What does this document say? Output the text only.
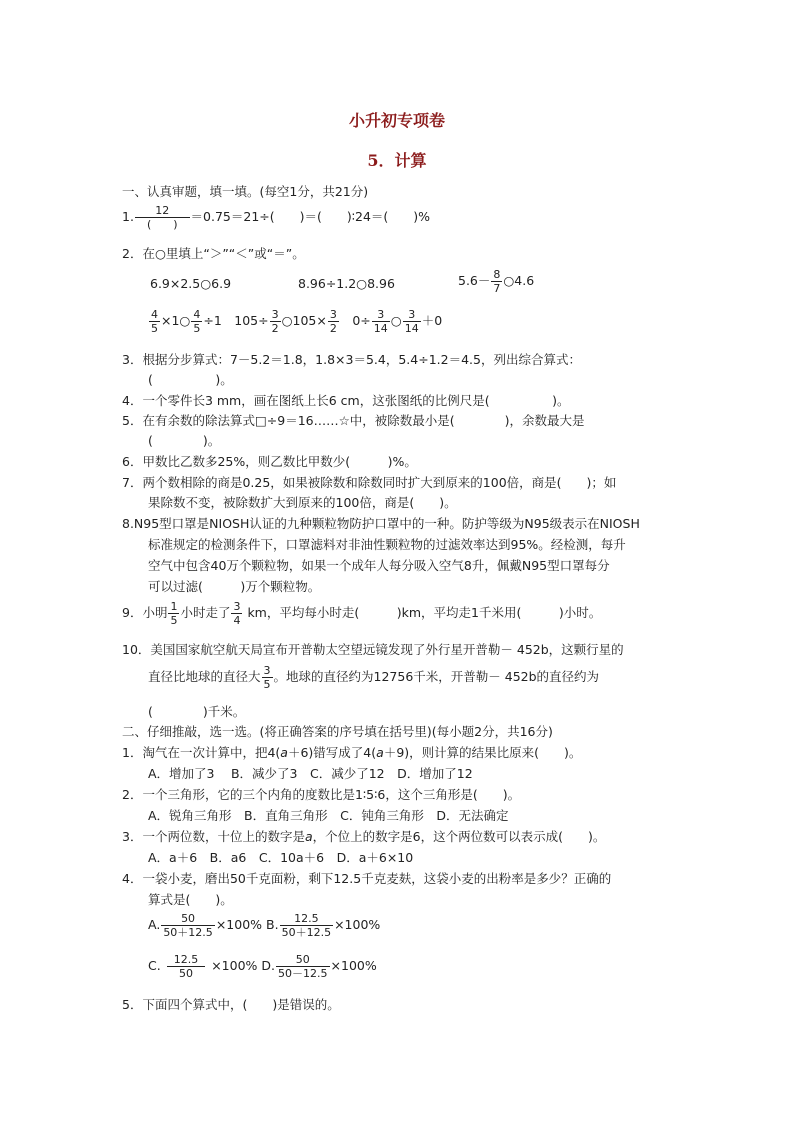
小升初专项卷
5．计算
一、认真审题，填一填。(每空1分，共21分)
1. $\frac{12}{( )} =0.75=21\div$(　　)＝(　　)∶24＝(　　)%
2．在○里填上“＞”“＜”或“＝”。
6.9×2.5○6.9	8.96÷1.2○8.96	$5.6- \frac{8}{7}$ ○4.6
$\frac{4}{5}$ ×1○ $\frac{4}{5} \div 1$　$105\div \frac{3}{2}$ ○105× $\frac{3}{2}$ 　$0\div \frac{3}{14}$ ○ $\frac{3}{14} +0$
3．根据分步算式：7－5.2＝1.8，1.8×3＝5.4，5.4÷1.2＝4.5，列出综合算式：
(　　　　　)。
4．一个零件长3 mm，画在图纸上长6 cm，这张图纸的比例尺是(　　　　　)。
5．在有余数的除法算式□÷9＝16……☆中，被除数最小是(　　　　)，余数最大是
(　　　　)。
6．甲数比乙数多25%，则乙数比甲数少(　　　)%。
7．两个数相除的商是0.25，如果被除数和除数同时扩大到原来的100倍，商是(　　)；如
果除数不变，被除数扩大到原来的100倍，商是(　　)。
8.N95型口罩是NIOSH认证的九种颗粒物防护口罩中的一种。防护等级为N95级表示在NIOSH
标准规定的检测条件下，口罩滤料对非油性颗粒物的过滤效率达到95%。经检测，每升
空气中包含40万个颗粒物，如果一个成年人每分吸入空气8升，佩戴N95型口罩每分
可以过滤(　　　)万个颗粒物。
9．小明 $\frac{1}{5}$ 小时走了 $\frac{3}{4}$ km，平均每小时走(　　　)km，平均走1千米用(　　　)小时。
10．美国国家航空航天局宣布开普勒太空望远镜发现了外行星开普勒－ 452b，这颗行星的
直径比地球的直径大 $\frac{3}{5}$ 。地球的直径约为12756千米，开普勒－ 452b的直径约为
(　　　　)千米。
二、仔细推敲，选一选。(将正确答案的序号填在括号里)(每小题2分，共16分)
1．淘气在一次计算中，把4(a＋6)错写成了4(a＋9)，则计算的结果比原来(　　)。
A．增加了3　 B．减少了3　C．减少了12　D．增加了12
2．一个三角形，它的三个内角的度数比是1∶5∶6，这个三角形是(　　)。
A．锐角三角形　B．直角三角形　C．钝角三角形　D．无法确定
3．一个两位数，十位上的数字是a，个位上的数字是6，这个两位数可以表示成(　　)。
A．a＋6　B．a6　C．10a＋6　D．a＋6×10
4．一袋小麦，磨出50千克面粉，剩下12.5千克麦麸，这袋小麦的出粉率是多少？正确的
算式是(　　)。
A. $\frac{50}{50+12.5} \times 100\%$ B. $\frac{12.5}{50+12.5} \times 100\%$
C. $\frac{12.5}{50} \times 100\%$ D. $\frac{50}{50-12.5} \times 100\%$
5．下面四个算式中，(　　)是错误的。
